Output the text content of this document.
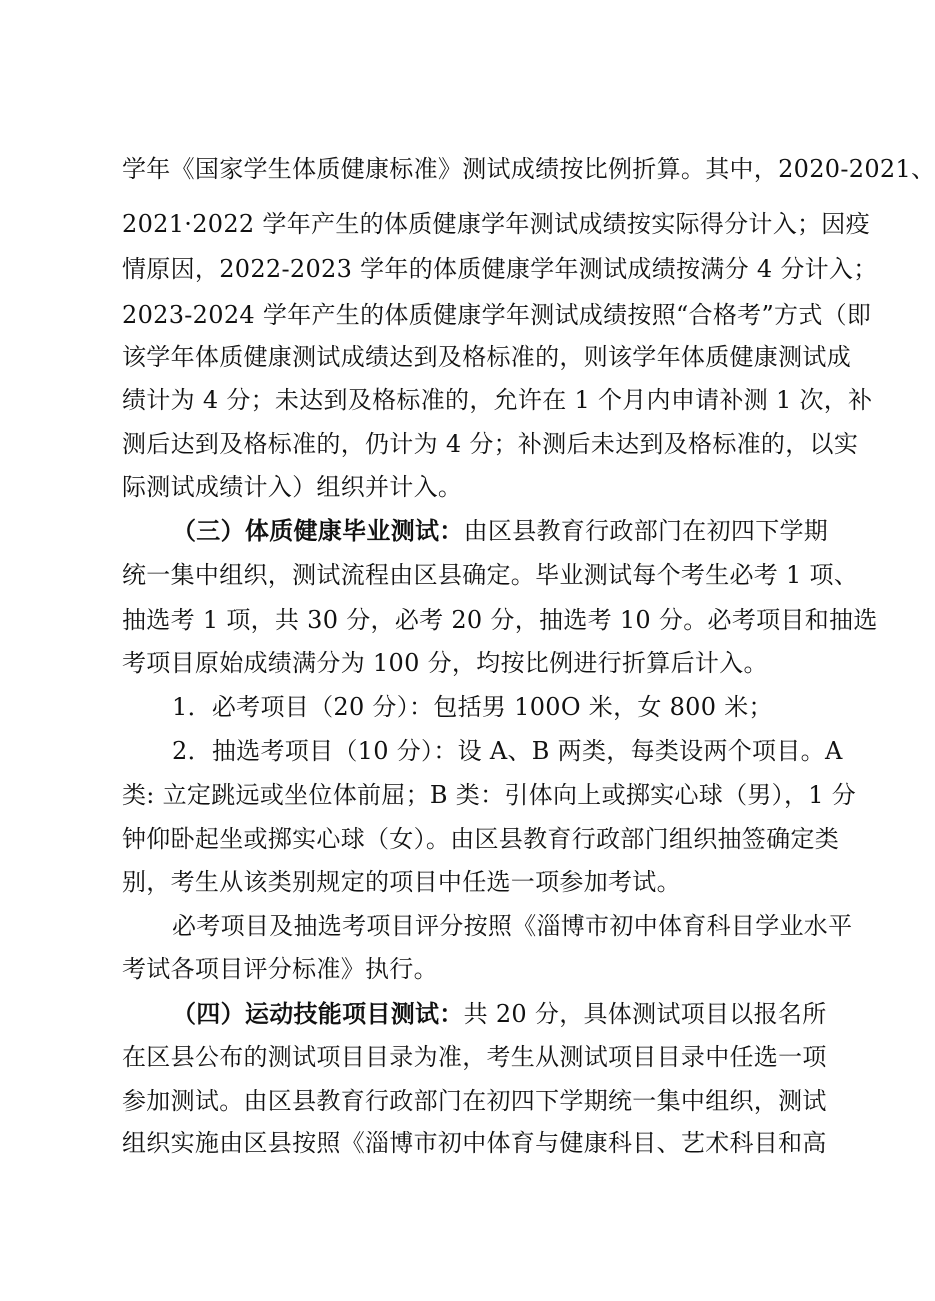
学年《国家学生体质健康标准》测试成绩按比例折算。其中，2020-2021、
2021·2022 学年产生的体质健康学年测试成绩按实际得分计入；因疫
情原因，2022-2023 学年的体质健康学年测试成绩按满分 4 分计入；
2023-2024 学年产生的体质健康学年测试成绩按照“合格考”方式（即
该学年体质健康测试成绩达到及格标准的，则该学年体质健康测试成
绩计为 4 分；未达到及格标准的，允许在 1 个月内申请补测 1 次，补
测后达到及格标准的，仍计为 4 分；补测后未达到及格标准的，以实
际测试成绩计入）组织并计入。
（三）体质健康毕业测试：由区县教育行政部门在初四下学期
统一集中组织，测试流程由区县确定。毕业测试每个考生必考 1 项、
抽选考 1 项，共 30 分，必考 20 分，抽选考 10 分。必考项目和抽选
考项目原始成绩满分为 100 分，均按比例进行折算后计入。
1．必考项目（20 分）：包括男 100O 米，女 800 米；
2．抽选考项目（10 分）：设 A、B 两类，每类设两个项目。A
类: 立定跳远或坐位体前屈；B 类：引体向上或掷实心球（男），1 分
钟仰卧起坐或掷实心球（女）。由区县教育行政部门组织抽签确定类
别，考生从该类别规定的项目中任选一项参加考试。
必考项目及抽选考项目评分按照《淄博市初中体育科目学业水平
考试各项目评分标准》执行。
（四）运动技能项目测试：共 20 分，具体测试项目以报名所
在区县公布的测试项目目录为准，考生从测试项目目录中任选一项
参加测试。由区县教育行政部门在初四下学期统一集中组织，测试
组织实施由区县按照《淄博市初中体育与健康科目、艺术科目和高
